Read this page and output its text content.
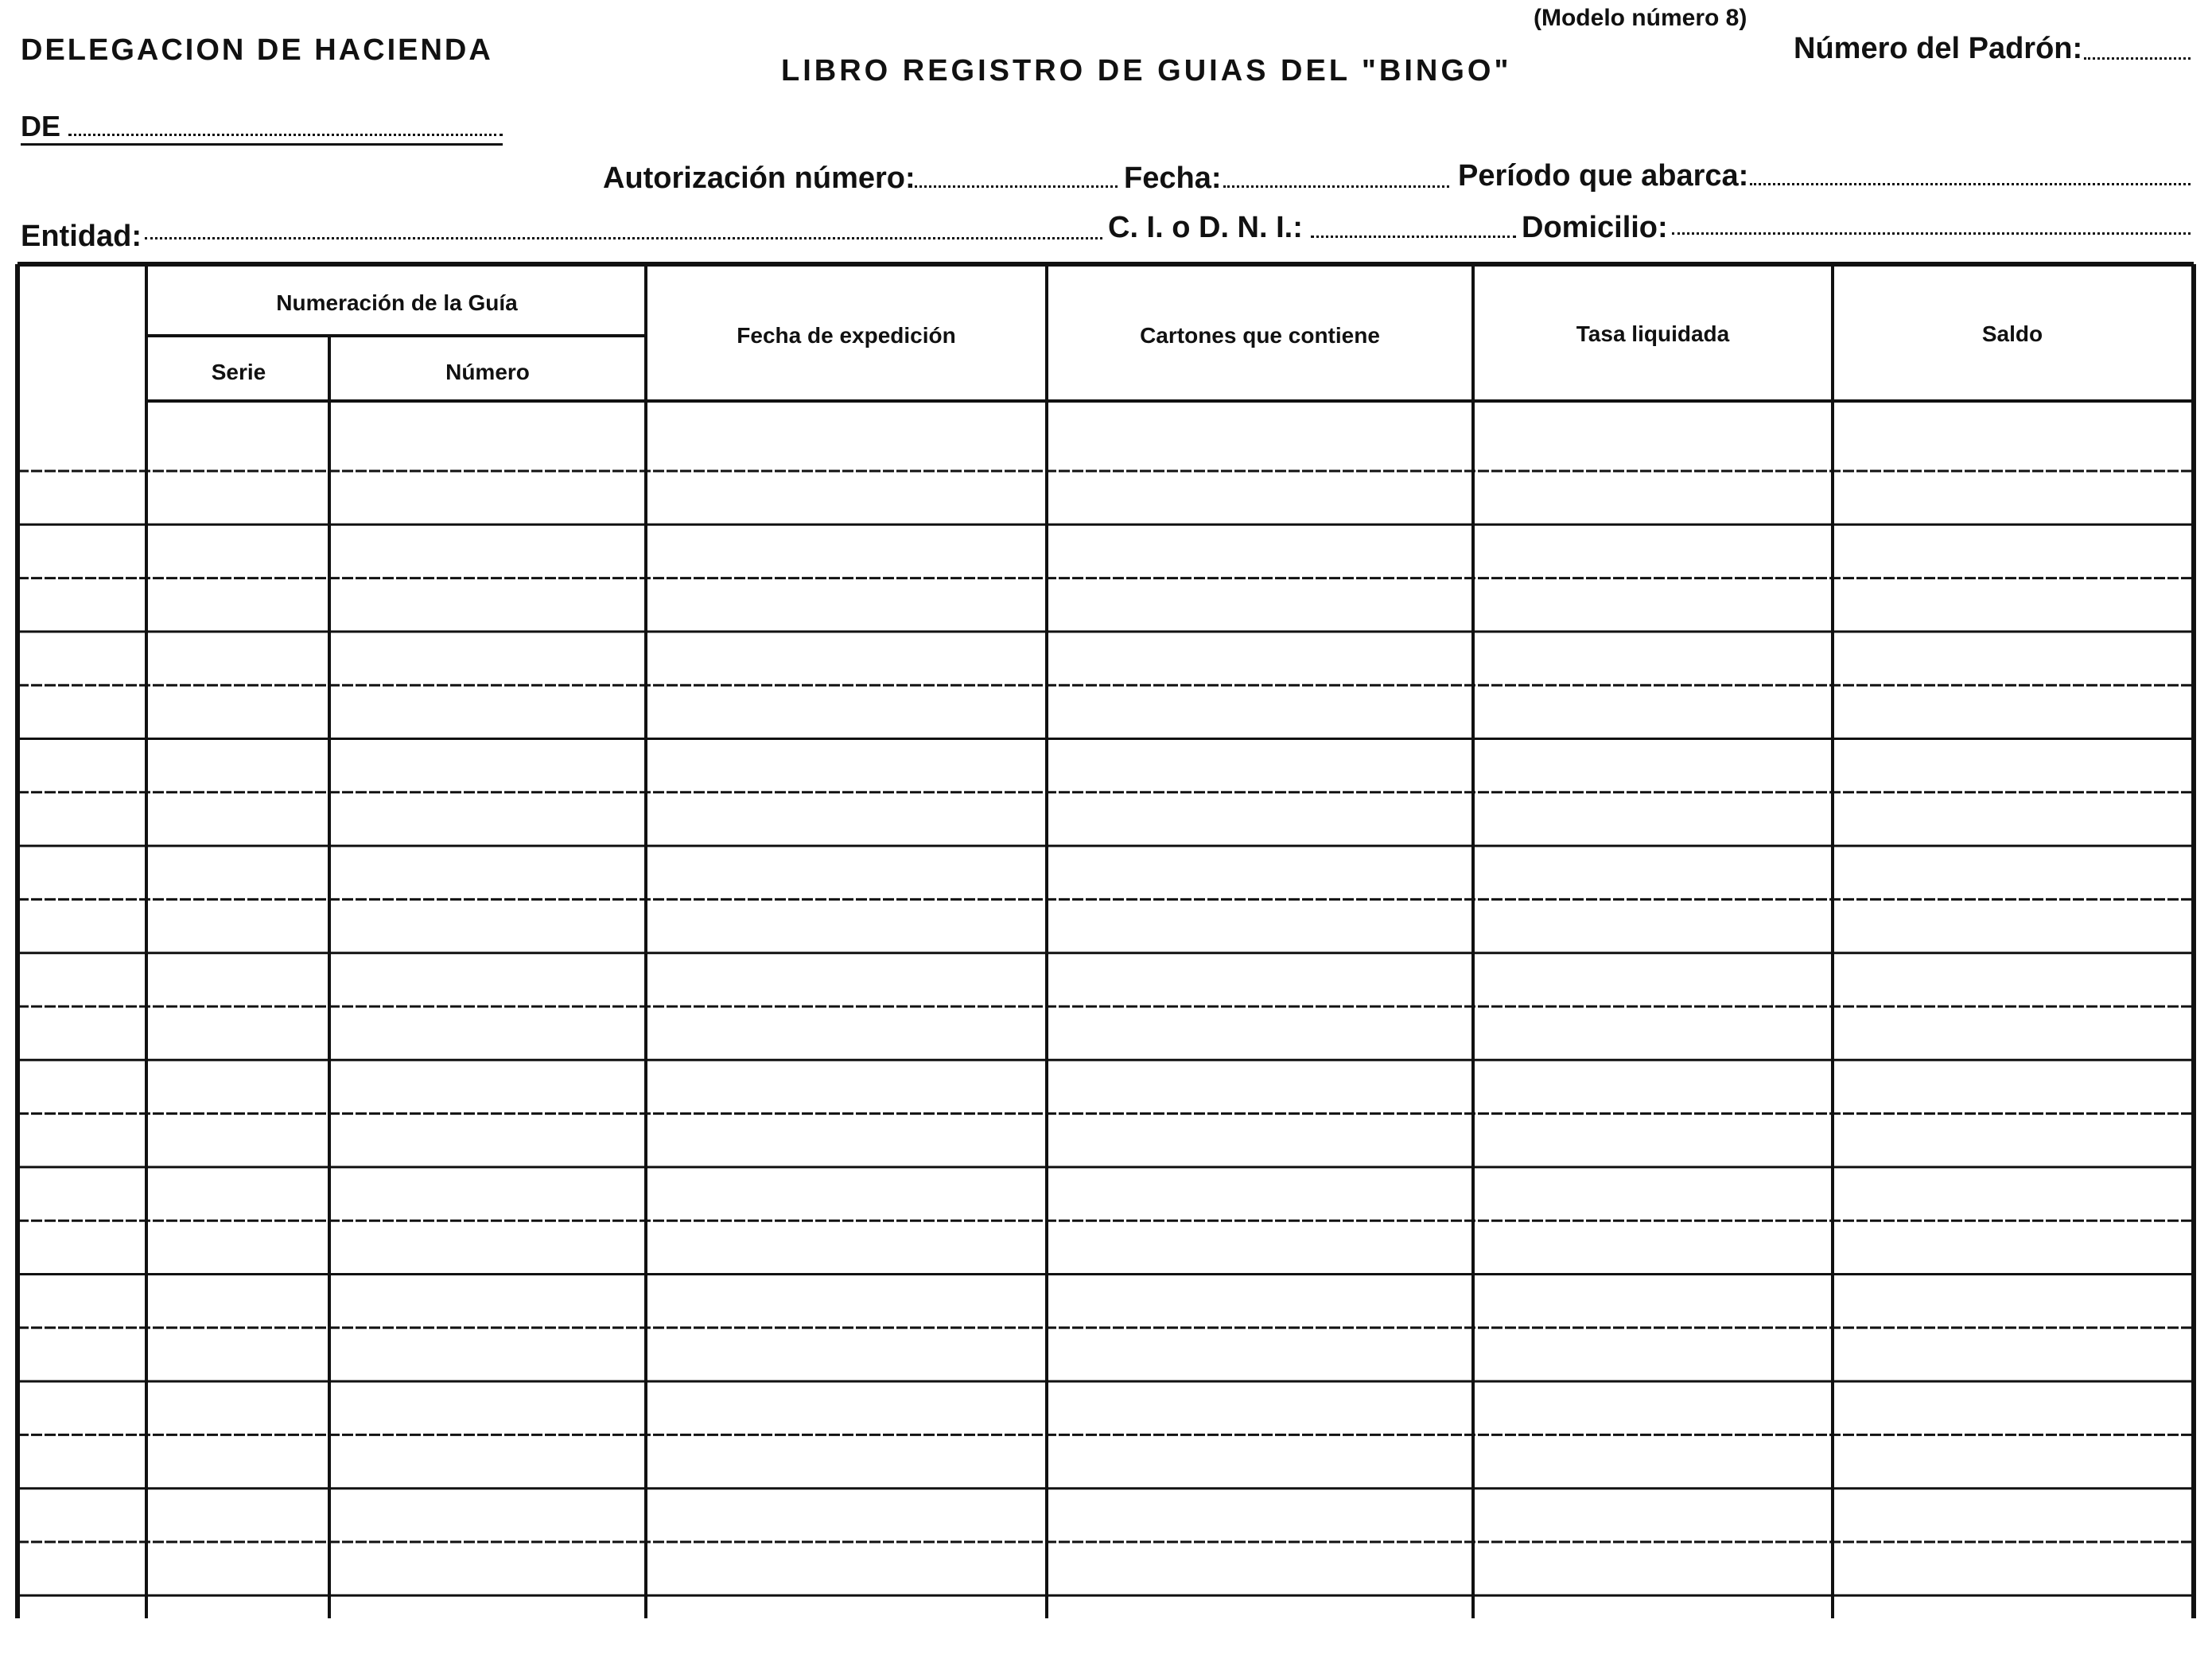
DELEGACION DE HACIENDA
DE
(Modelo número 8)
Número del Padrón:
LIBRO REGISTRO DE GUIAS DEL "BINGO"
Autorización número:	Fecha:	Período que abarca:
Entidad:	C. I. o D. N. I.:	Domicilio:
Numeración de la Guía
Serie	Número
Fecha de expedición	Cartones que contiene	Tasa liquidada	Saldo
